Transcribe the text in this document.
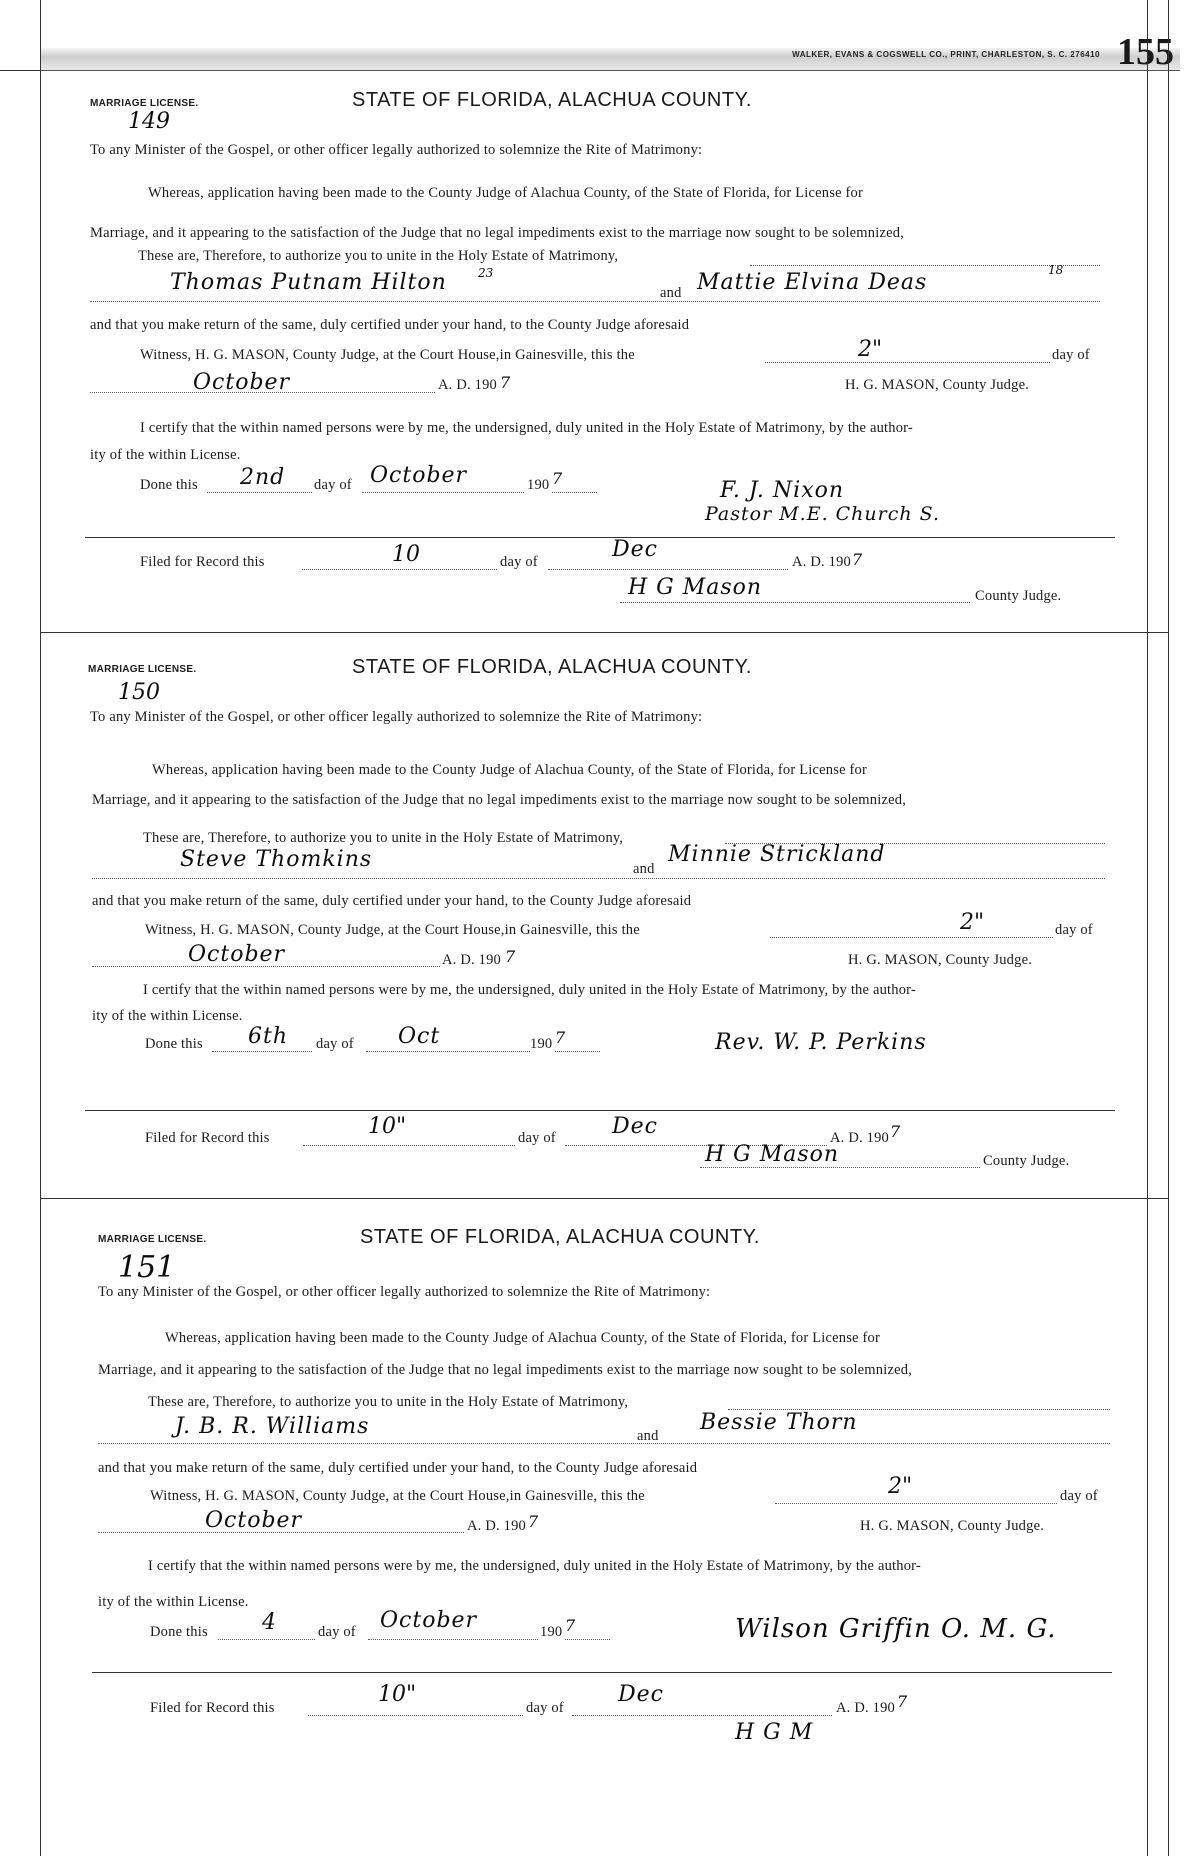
WALKER, EVANS & COGSWELL CO., PRINT, CHARLESTON, S. C. 276410 155
MARRIAGE LICENSE.	STATE OF FLORIDA, ALACHUA COUNTY.
149
To any Minister of the Gospel, or other officer legally authorized to solemnize the Rite of Matrimony:
Whereas, application having been made to the County Judge of Alachua County, of the State of Florida, for License for
Marriage, and it appearing to the satisfaction of the Judge that no legal impediments exist to the marriage now sought to be solemnized,
These are, Therefore, to authorize you to unite in the Holy Estate of Matrimony,
Thomas Putnam Hilton	23
and Mattie Elvina Deas	18
and that you make return of the same, duly certified under your hand, to the County Judge aforesaid
Witness, H. G. MASON, County Judge, at the Court House,in Gainesville, this the	2"	day of
October	A. D. 190 7	H. G. MASON, County Judge.
I certify that the within named persons were by me, the undersigned, duly united in the Holy Estate of Matrimony, by the author-
ity of the within License.
Done this 2nd day of October	190 7	F. J. Nixon
Pastor M.E. Church S.
Filed for Record this	10	day of	Dec	A. D. 190 7
H G Mason	County Judge.
MARRIAGE LICENSE.	STATE OF FLORIDA, ALACHUA COUNTY.
150
To any Minister of the Gospel, or other officer legally authorized to solemnize the Rite of Matrimony:
Whereas, application having been made to the County Judge of Alachua County, of the State of Florida, for License for
Marriage, and it appearing to the satisfaction of the Judge that no legal impediments exist to the marriage now sought to be solemnized,
These are, Therefore, to authorize you to unite in the Holy Estate of Matrimony,
Steve Thomkins	and
Minnie Strickland
and that you make return of the same, duly certified under your hand, to the County Judge aforesaid
Witness, H. G. MASON, County Judge, at the Court House,in Gainesville, this the	2"	day of
October	A. D. 190 7	H. G. MASON, County Judge.
I certify that the within named persons were by me, the undersigned, duly united in the Holy Estate of Matrimony, by the author-
ity of the within License.
Done this 6th day of Oct	190 7	Rev. W. P. Perkins
Filed for Record this	10"	day of	Dec	A. D. 190 7
H G Mason	County Judge.
MARRIAGE LICENSE.	STATE OF FLORIDA, ALACHUA COUNTY.
151
To any Minister of the Gospel, or other officer legally authorized to solemnize the Rite of Matrimony:
Whereas, application having been made to the County Judge of Alachua County, of the State of Florida, for License for
Marriage, and it appearing to the satisfaction of the Judge that no legal impediments exist to the marriage now sought to be solemnized,
These are, Therefore, to authorize you to unite in the Holy Estate of Matrimony,
J. B. R. Williams	and
Bessie Thorn
and that you make return of the same, duly certified under your hand, to the County Judge aforesaid
Witness, H. G. MASON, County Judge, at the Court House,in Gainesville, this the	2"	day of
October	A. D. 190 7	H. G. MASON, County Judge.
I certify that the within named persons were by me, the undersigned, duly united in the Holy Estate of Matrimony, by the author-
ity of the within License.
Done this 4	day of October	190 7	Wilson Griffin O. M. G.
Filed for Record this
10"
day of
Dec
A. D. 190 7
H G M
